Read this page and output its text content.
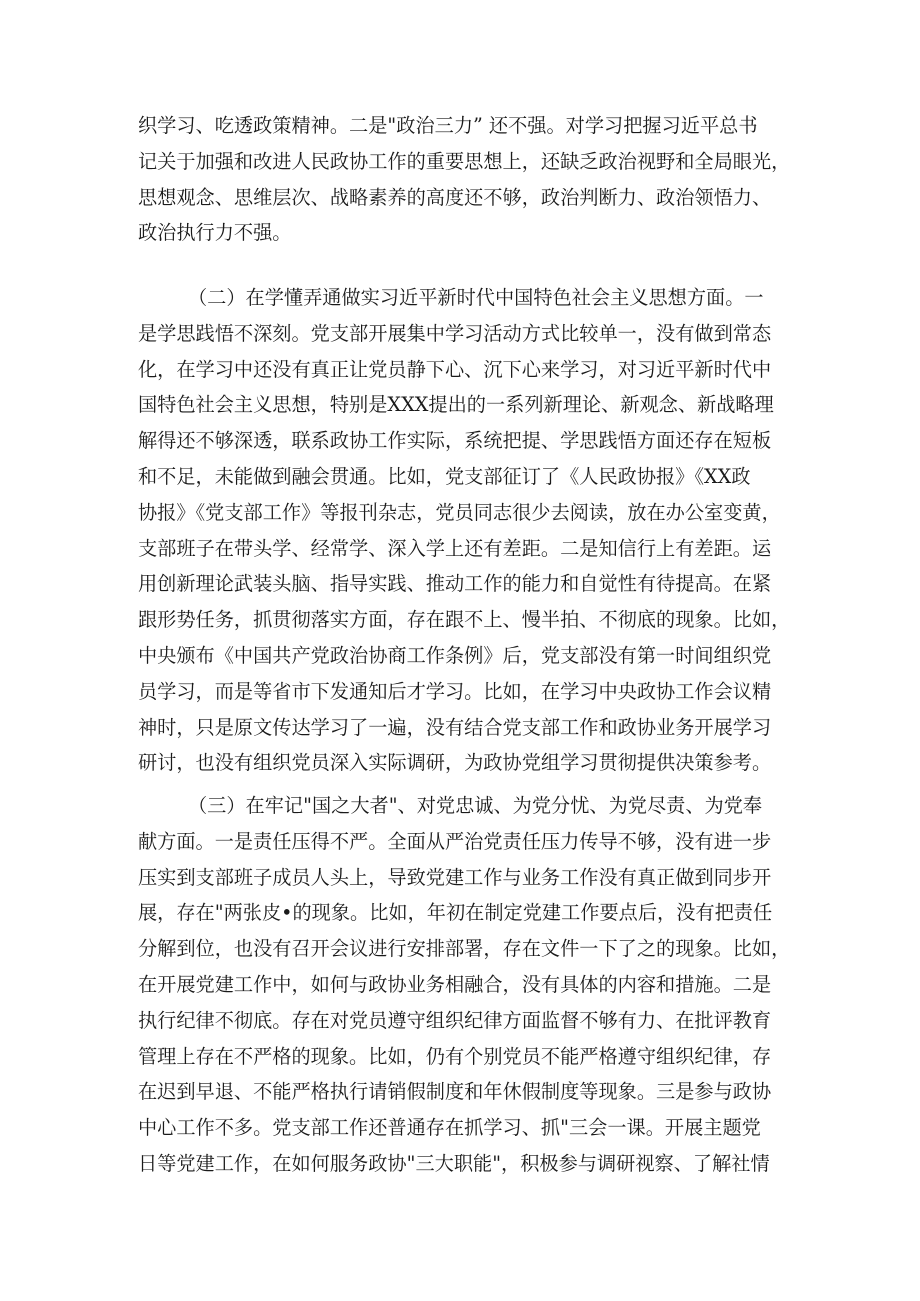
织学习、吃透政策精神。二是"政治三力” 还不强。对学习把握习近平总书
记关于加强和改进人民政协工作的重要思想上，还缺乏政治视野和全局眼光，
思想观念、思维层次、战略素养的高度还不够，政治判断力、政治领悟力、
政治执行力不强。
（二）在学懂弄通做实习近平新时代中国特色社会主义思想方面。一
是学思践悟不深刻。党支部开展集中学习活动方式比较单一，没有做到常态
化，在学习中还没有真正让党员静下心、沉下心来学习，对习近平新时代中
国特色社会主义思想，特别是XXX提出的一系列新理论、新观念、新战略理
解得还不够深透，联系政协工作实际，系统把提、学思践悟方面还存在短板
和不足，未能做到融会贯通。比如，党支部征订了《人民政协报》《XX政
协报》《党支部工作》等报刊杂志，党员同志很少去阅读，放在办公室变黄，
支部班子在带头学、经常学、深入学上还有差距。二是知信行上有差距。运
用创新理论武装头脑、指导实践、推动工作的能力和自觉性有待提高。在紧
跟形势任务，抓贯彻落实方面，存在跟不上、慢半拍、不彻底的现象。比如，
中央颁布《中国共产党政治协商工作条例》后，党支部没有第一时间组织党
员学习，而是等省市下发通知后才学习。比如，在学习中央政协工作会议精
神时，只是原文传达学习了一遍，没有结合党支部工作和政协业务开展学习
研讨，也没有组织党员深入实际调研，为政协党组学习贯彻提供决策参考。
（三）在牢记"国之大者"、对党忠诚、为党分忧、为党尽责、为党奉
献方面。一是责任压得不严。全面从严治党责任压力传导不够，没有进一步
压实到支部班子成员人头上，导致党建工作与业务工作没有真正做到同步开
展，存在"两张皮•的现象。比如，年初在制定党建工作要点后，没有把责任
分解到位，也没有召开会议进行安排部署，存在文件一下了之的现象。比如，
在开展党建工作中，如何与政协业务相融合，没有具体的内容和措施。二是
执行纪律不彻底。存在对党员遵守组织纪律方面监督不够有力、在批评教育
管理上存在不严格的现象。比如，仍有个别党员不能严格遵守组织纪律，存
在迟到早退、不能严格执行请销假制度和年休假制度等现象。三是参与政协
中心工作不多。党支部工作还普通存在抓学习、抓"三会一课。开展主题党
日等党建工作，在如何服务政协"三大职能"，积极参与调研视察、了解社情
